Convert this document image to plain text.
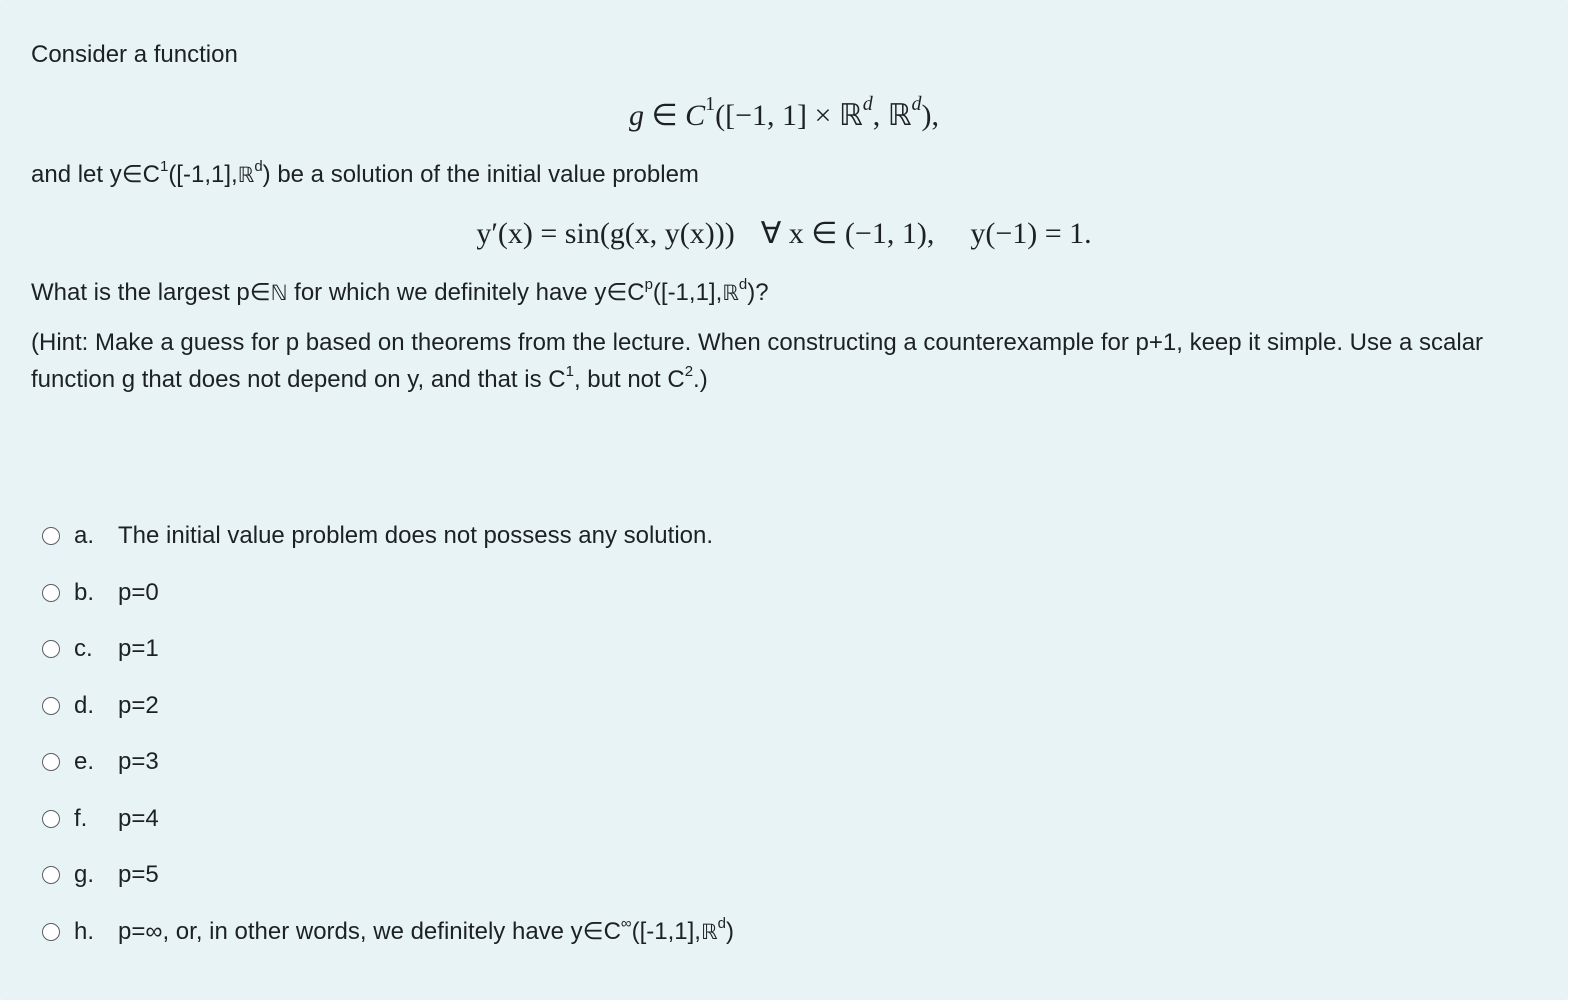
Consider a function

g ∈ $C^1([-1$, 1] × ℝ$^d$, ℝ$^d$),

and let $y\in C^1([-1,1],ℝ^d)$ be a solution of the initial value problem

y′(x) = sin(g(x, y(x))) ∀ x ∈ (−1, 1), y(−1) = 1.

What is the largest p∈ℕ for which we definitely have $y\in C^p([-1,1],ℝ^d)$?

(Hint: Make a guess for p based on theorems from the lecture. When constructing a counterexample for p+1, keep it simple. Use a scalar function g that does not depend on y, and that is $C^1$, but not $C^2$.)

a. The initial value problem does not possess any solution.
b. p=0
c.	p=1
d. p=2
e. p=3
f.	p=4
g. p=5
h. p=∞, or, in other words, we definitely have y∈C∞([-1,1],ℝ$^d$)
